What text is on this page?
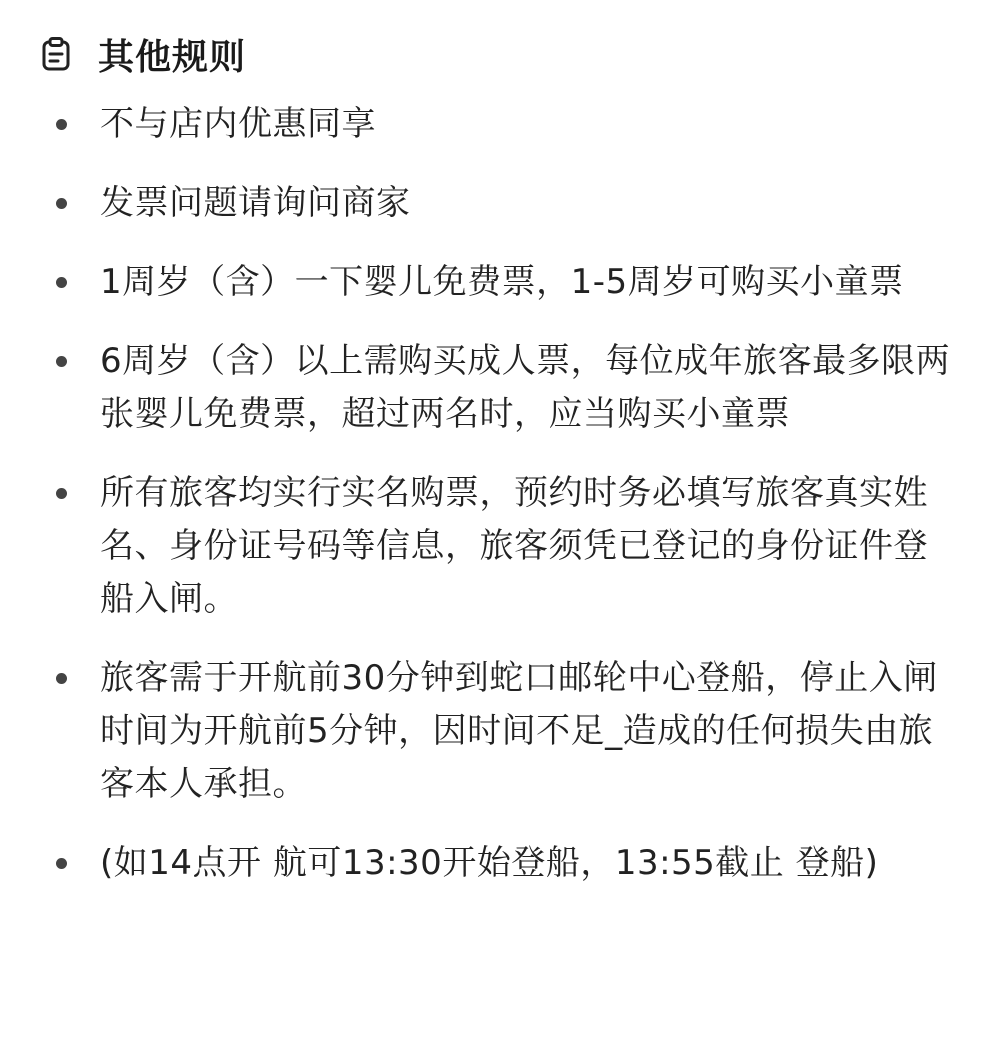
其他规则
不与店内优惠同享
发票问题请询问商家
1周岁（含）一下婴儿免费票，1-5周岁可购买小童票
6周岁（含）以上需购买成人票，每位成年旅客最多限两张婴儿免费票，超过两名时，应当购买小童票
所有旅客均实行实名购票，预约时务必填写旅客真实姓名、身份证号码等信息，旅客须凭已登记的身份证件登船入闸。
旅客需于开航前30分钟到蛇口邮轮中心登船，停止入闸时间为开航前5分钟，因时间不足_造成的任何损失由旅客本人承担。
(如14点开 航可13:30开始登船，13:55截止 登船)
